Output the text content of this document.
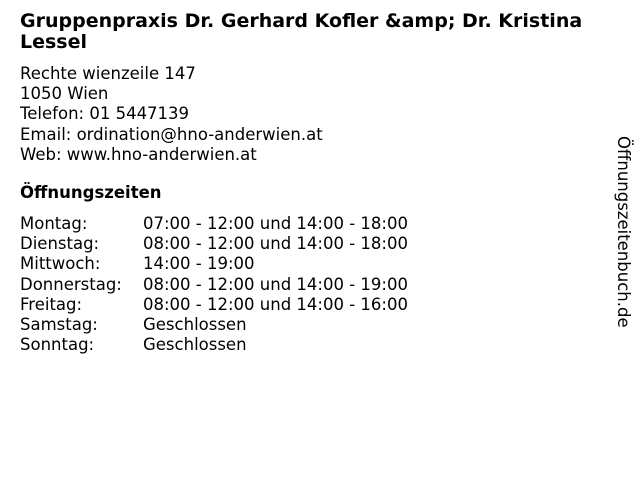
Gruppenpraxis Dr. Gerhard Kofler &amp; Dr. Kristina Lessel
Rechte wienzeile 147
1050 Wien
Telefon: 01 5447139
Email: ordination@hno-anderwien.at
Web: www.hno-anderwien.at
Öffnungszeiten
Montag:	07:00 - 12:00 und 14:00 - 18:00
Dienstag:	08:00 - 12:00 und 14:00 - 18:00
Mittwoch:	14:00 - 19:00
Donnerstag:	08:00 - 12:00 und 14:00 - 19:00
Freitag:	08:00 - 12:00 und 14:00 - 16:00
Samstag:	Geschlossen
Sonntag:	Geschlossen
Öffnungszeitenbuch.de
